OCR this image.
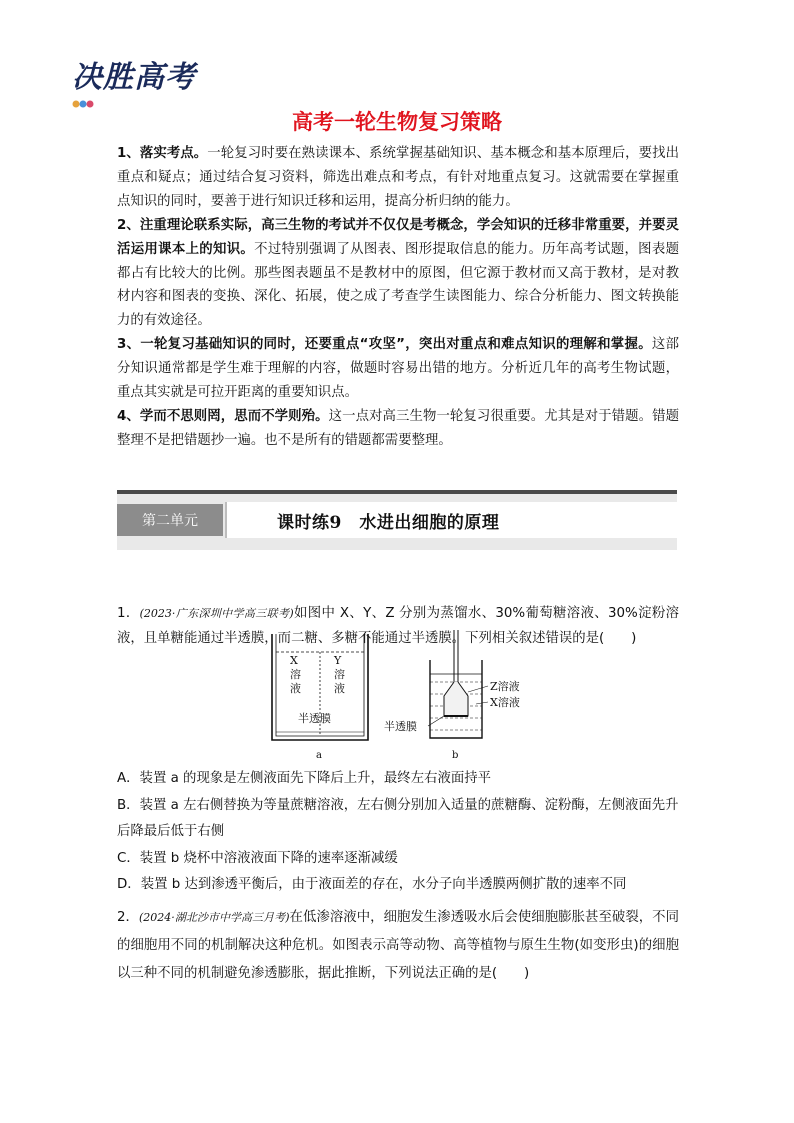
决胜高考
高考一轮生物复习策略

1、落实考点。一轮复习时要在熟读课本、系统掌握基础知识、基本概念和基本原理后，要找出重点和疑点；通过结合复习资料，筛选出难点和考点，有针对地重点复习。这就需要在掌握重点知识的同时，要善于进行知识迁移和运用，提高分析归纳的能力。

2、注重理论联系实际，高三生物的考试并不仅仅是考概念，学会知识的迁移非常重要，并要灵活运用课本上的知识。不过特别强调了从图表、图形提取信息的能力。历年高考试题，图表题都占有比较大的比例。那些图表题虽不是教材中的原图，但它源于教材而又高于教材，是对教材内容和图表的变换、深化、拓展，使之成了考查学生读图能力、综合分析能力、图文转换能力的有效途径。

3、一轮复习基础知识的同时，还要重点“攻坚”，突出对重点和难点知识的理解和掌握。这部分知识通常都是学生难于理解的内容，做题时容易出错的地方。分析近几年的高考生物试题，重点其实就是可拉开距离的重要知识点。

4、学而不思则罔，思而不学则殆。这一点对高三生物一轮复习很重要。尤其是对于错题。错题整理不是把错题抄一遍。也不是所有的错题都需要整理。

第二单元	课时练9　水进出细胞的原理

1．(2023·广东深圳中学高三联考)如图中 X、Y、Z 分别为蒸馏水、30%葡萄糖溶液、30%淀粉溶液，且单糖能通过半透膜，而二糖、多糖不能通过半透膜。下列相关叙述错误的是(　　)

X
溶
液
Y
溶
液
半透膜
a
Z溶液
X溶液
半透膜
b

A．装置 a 的现象是左侧液面先下降后上升，最终左右液面持平

B．装置 a 左右侧替换为等量蔗糖溶液，左右侧分别加入适量的蔗糖酶、淀粉酶，左侧液面先升后降最后低于右侧

C．装置 b 烧杯中溶液液面下降的速率逐渐减缓

D．装置 b 达到渗透平衡后，由于液面差的存在，水分子向半透膜两侧扩散的速率不同

2．(2024·湖北沙市中学高三月考)在低渗溶液中，细胞发生渗透吸水后会使细胞膨胀甚至破裂，不同的细胞用不同的机制解决这种危机。如图表示高等动物、高等植物与原生生物(如变形虫)的细胞以三种不同的机制避免渗透膨胀，据此推断，下列说法正确的是(　　)
